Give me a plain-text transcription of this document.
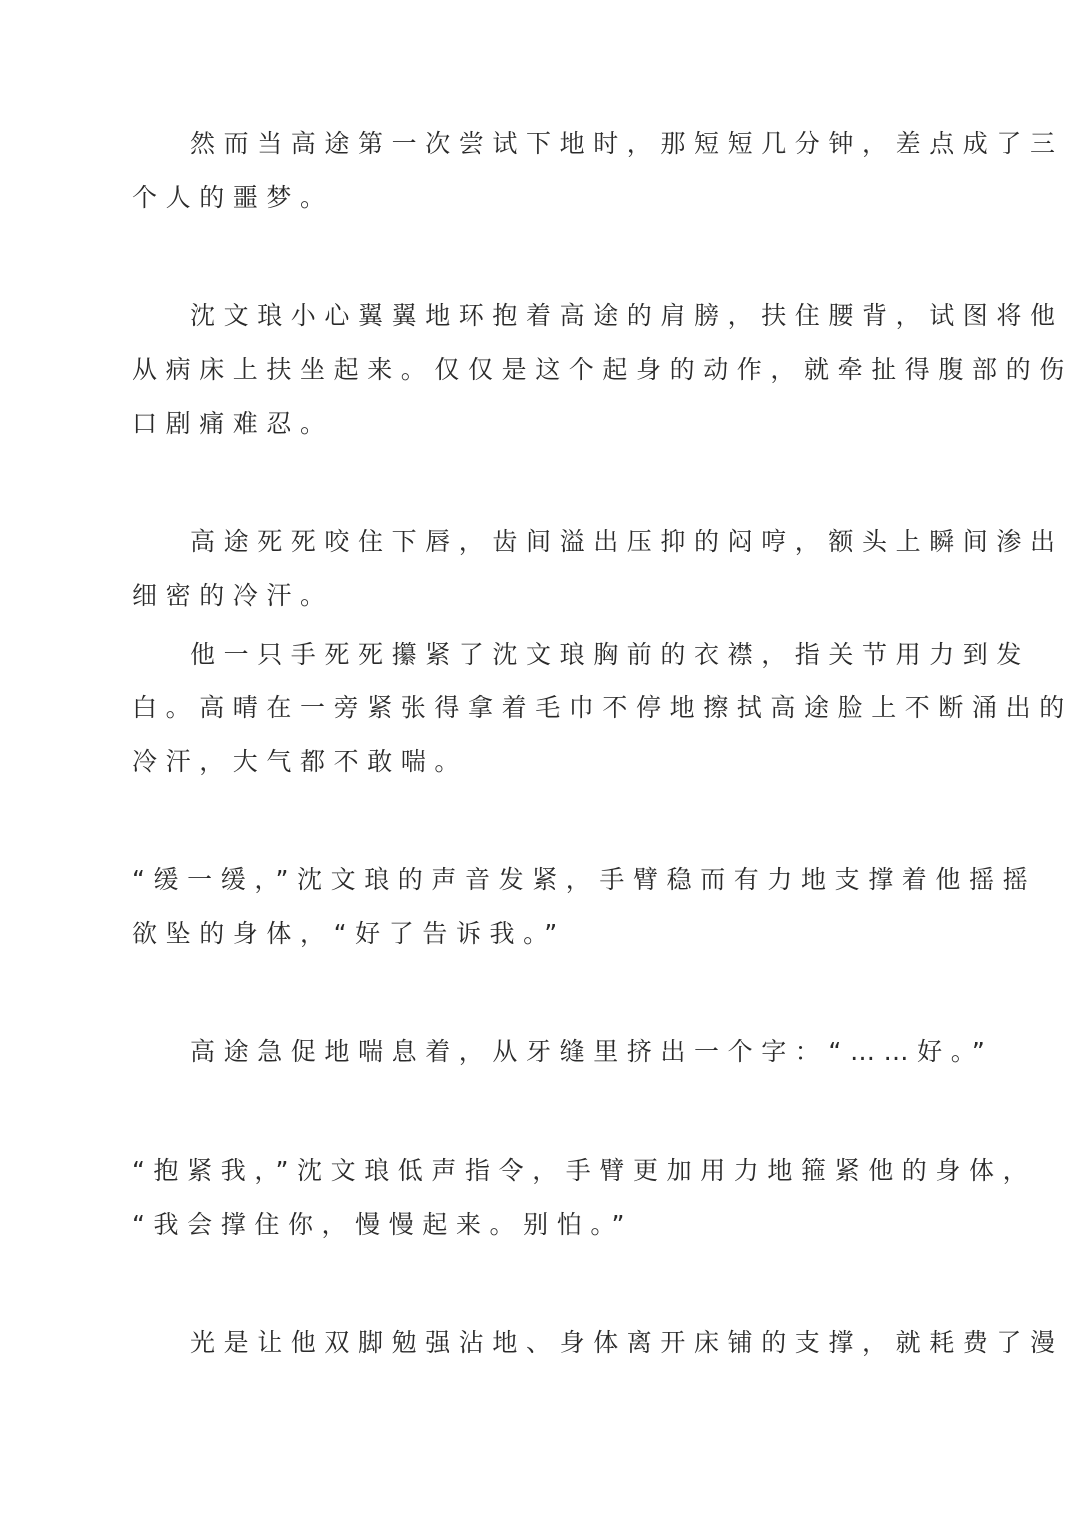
然而当高途第一次尝试下地时，那短短几分钟，差点成了三
个人的噩梦。
沈文琅小心翼翼地环抱着高途的肩膀，扶住腰背，试图将他
从病床上扶坐起来。仅仅是这个起身的动作，就牵扯得腹部的伤
口剧痛难忍。
高途死死咬住下唇，齿间溢出压抑的闷哼，额头上瞬间渗出
细密的冷汗。
他一只手死死攥紧了沈文琅胸前的衣襟，指关节用力到发
白。高晴在一旁紧张得拿着毛巾不停地擦拭高途脸上不断涌出的
冷汗，大气都不敢喘。
“缓一缓，”沈文琅的声音发紧，手臂稳而有力地支撑着他摇摇
欲坠的身体，“好了告诉我。”
高途急促地喘息着，从牙缝里挤出一个字：“……好。”
“抱紧我，”沈文琅低声指令，手臂更加用力地箍紧他的身体，
“我会撑住你，慢慢起来。别怕。”
光是让他双脚勉强沾地、身体离开床铺的支撑，就耗费了漫
